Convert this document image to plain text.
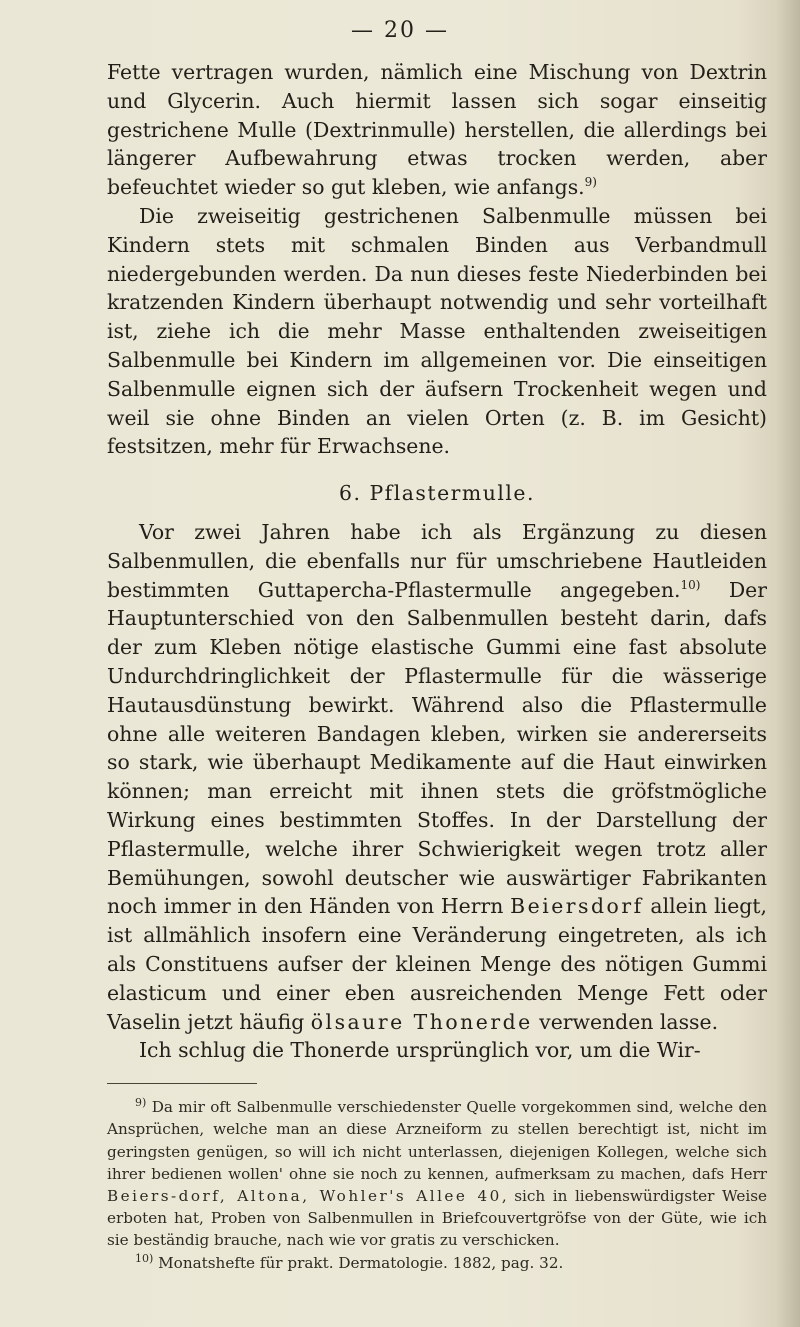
— 20 —

Fette vertragen wurden, nämlich eine Mischung von Dextrin und Glycerin. Auch hiermit lassen sich sogar einseitig gestrichene Mulle (Dextrinmulle) herstellen, die allerdings bei längerer Aufbewahrung etwas trocken werden, aber befeuchtet wieder so gut kleben, wie anfangs.$^{9)}$

Die zweiseitig gestrichenen Salbenmulle müssen bei Kindern stets mit schmalen Binden aus Verbandmull niedergebunden werden. Da nun dieses feste Niederbinden bei kratzenden Kindern überhaupt notwendig und sehr vorteilhaft ist, ziehe ich die mehr Masse enthaltenden zweiseitigen Salbenmulle bei Kindern im allgemeinen vor. Die einseitigen Salbenmulle eignen sich der äufsern Trockenheit wegen und weil sie ohne Binden an vielen Orten (z. B. im Gesicht) festsitzen, mehr für Erwachsene.

6. Pflastermulle.

Vor zwei Jahren habe ich als Ergänzung zu diesen Salbenmullen, die ebenfalls nur für umschriebene Hautleiden bestimmten Guttapercha-Pflastermulle angegeben.$^{10)}$ Der Hauptunterschied von den Salbenmullen besteht darin, dafs der zum Kleben nötige elastische Gummi eine fast absolute Undurchdringlichkeit der Pflastermulle für die wässerige Hautausdünstung bewirkt. Während also die Pflastermulle ohne alle weiteren Bandagen kleben, wirken sie andererseits so stark, wie überhaupt Medikamente auf die Haut einwirken können; man erreicht mit ihnen stets die gröfstmögliche Wirkung eines bestimmten Stoffes. In der Darstellung der Pflastermulle, welche ihrer Schwierigkeit wegen trotz aller Bemühungen, sowohl deutscher wie auswärtiger Fabrikanten noch immer in den Händen von Herrn Beiersdorf allein liegt, ist allmählich insofern eine Veränderung eingetreten, als ich als Constituens aufser der kleinen Menge des nötigen Gummi elasticum und einer eben ausreichenden Menge Fett oder Vaselin jetzt häufig ölsaure Thonerde verwenden lasse.

Ich schlug die Thonerde ursprünglich vor, um die Wir-

$^{9)}$ Da mir oft Salbenmulle verschiedenster Quelle vorgekommen sind, welche den Ansprüchen, welche man an diese Arzneiform zu stellen berechtigt ist, nicht im geringsten genügen, so will ich nicht unterlassen, diejenigen Kollegen, welche sich ihrer bedienen wollen' ohne sie noch zu kennen, aufmerksam zu machen, dafs Herr Beiers-dorf, Altona, Wohler's Allee 40, sich in liebenswürdigster Weise erboten hat, Proben von Salbenmullen in Briefcouvertgröfse von der Güte, wie ich sie beständig brauche, nach wie vor gratis zu verschicken.

$^{10)}$ Monatshefte für prakt. Dermatologie. 1882, pag. 32.
